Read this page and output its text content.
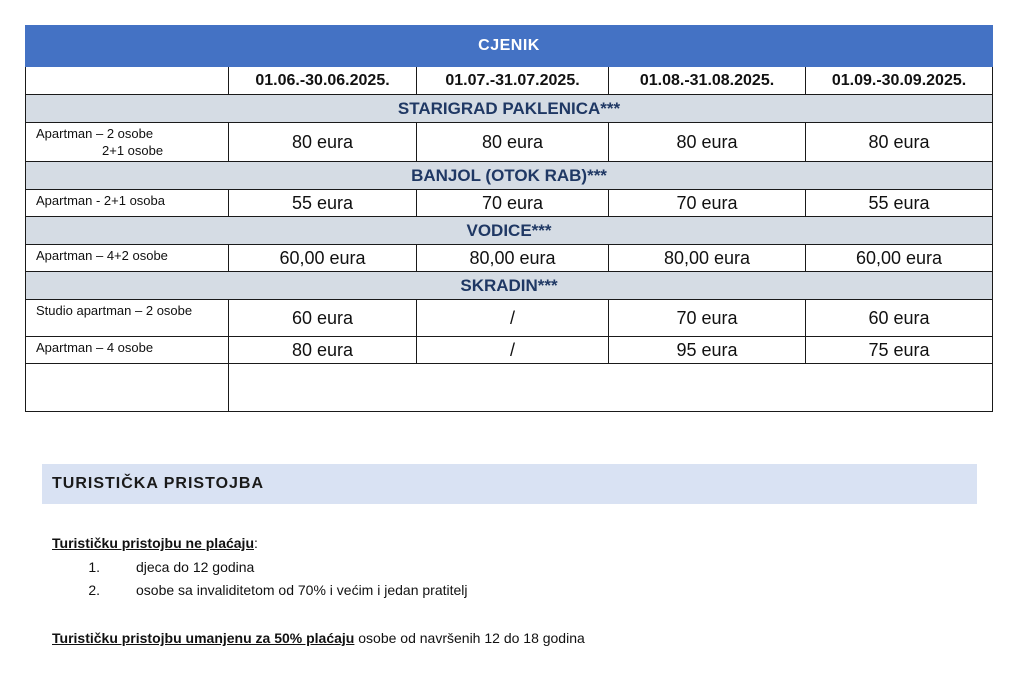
CJENIK				
	01.06.-30.06.2025.	01.07.-31.07.2025.	01.08.-31.08.2025.	01.09.-30.09.2025.
STARIGRAD PAKLENICA***				
Apartman – 2 osobe
2+1 osobe	80 eura	80 eura	80 eura	80 eura
BANJOL (OTOK RAB)***				
Apartman - 2+1 osoba	55 eura	70 eura	70 eura	55 eura
VODICE***				
Apartman – 4+2 osobe	60,00 eura	80,00 eura	80,00 eura	60,00 eura
SKRADIN***				
Studio apartman – 2 osobe	60 eura	/	70 eura	60 eura
Apartman – 4 osobe	80 eura	/	95 eura	75 eura

TURISTIČKA PRISTOJBA
Turističku pristojbu ne plaćaju:
1.	djeca do 12 godina
2.	osobe sa invaliditetom od 70% i većim i jedan pratitelj
Turističku pristojbu umanjenu za 50% plaćaju osobe od navršenih 12 do 18 godina
